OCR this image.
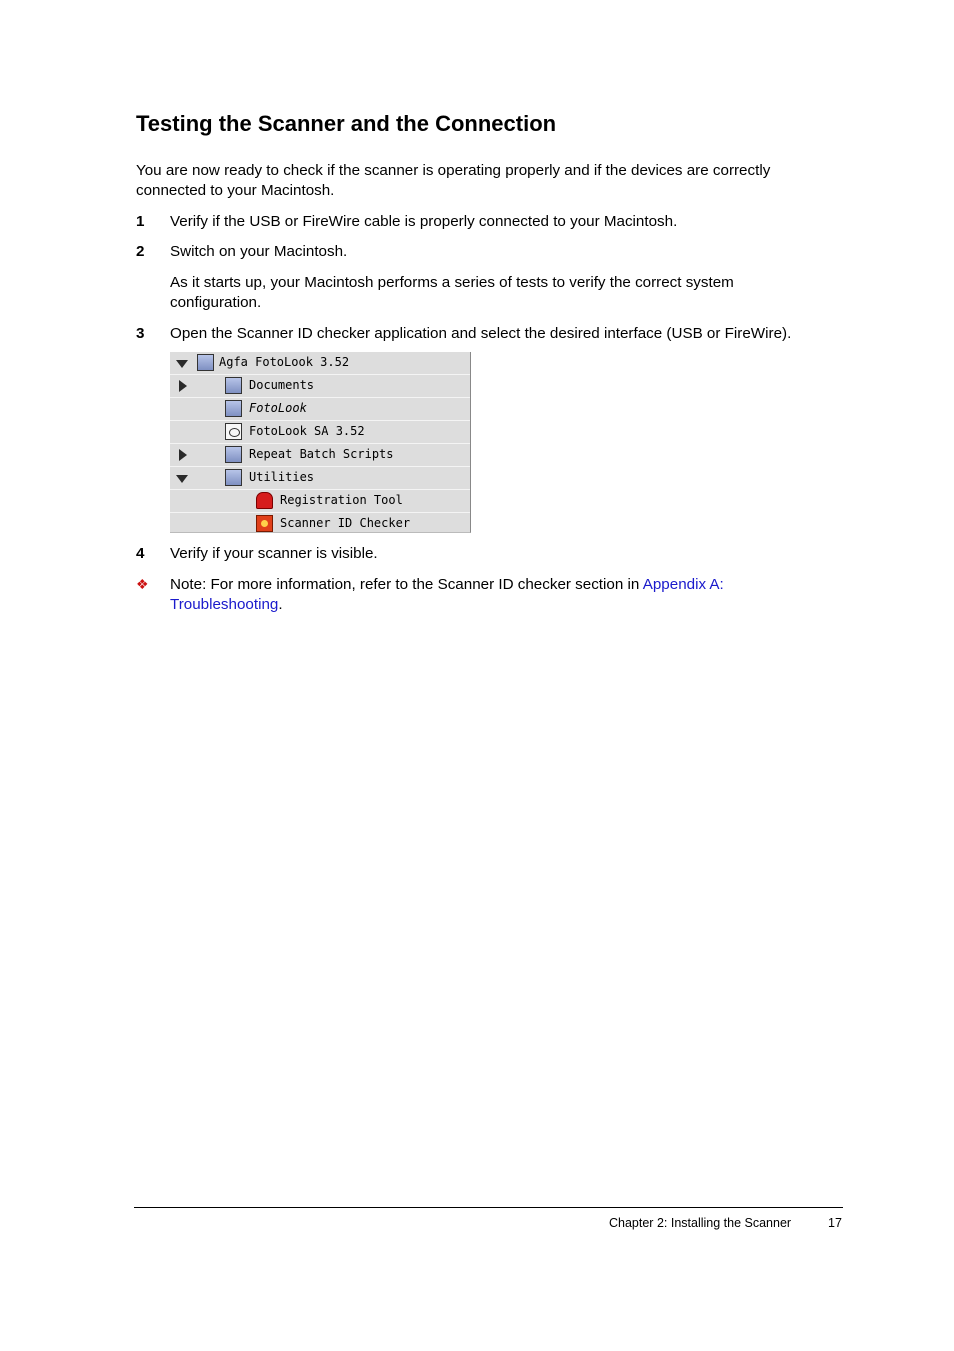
Testing the Scanner and the Connection

You are now ready to check if the scanner is operating properly and if the devices are correctly connected to your Macintosh.

1 Verify if the USB or FireWire cable is properly connected to your Macintosh.

2 Switch on your Macintosh.

As it starts up, your Macintosh performs a series of tests to verify the correct system configuration.

3 Open the Scanner ID checker application and select the desired interface (USB or FireWire).

Agfa FotoLook 3.52
Documents
FotoLook
FotoLook SA 3.52
Repeat Batch Scripts
Utilities
Registration Tool
Scanner ID Checker
4 Verify if your scanner is visible.

❖ Note: For more information, refer to the Scanner ID checker section in Appendix A:
Troubleshooting.

Chapter 2: Installing the Scanner	17
